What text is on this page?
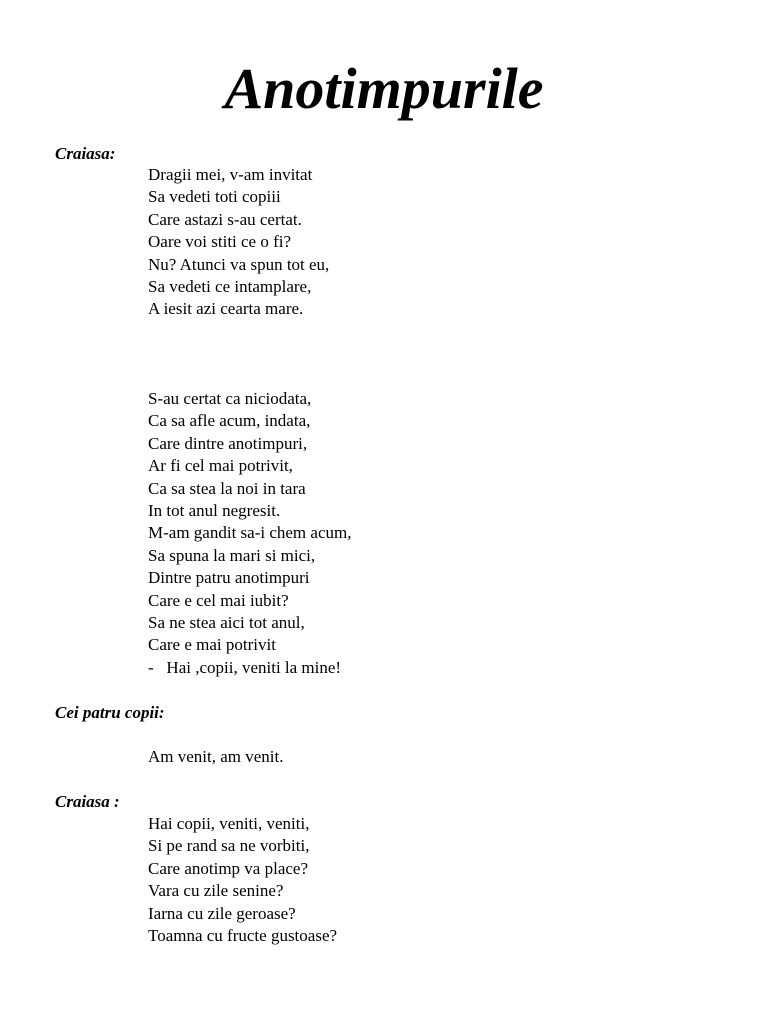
Anotimpurile

Craiasa:

Dragii mei, v-am invitat

Sa vedeti toti copiii

Care astazi s-au certat.

Oare voi stiti ce o fi?

Nu? Atunci va spun tot eu,

Sa vedeti ce intamplare,

A iesit azi cearta mare.

S-au certat ca niciodata,

Ca sa afle acum, indata,

Care dintre anotimpuri,

Ar fi cel mai potrivit,

Ca sa stea la noi in tara

In tot anul negresit.

M-am gandit sa-i chem acum,

Sa spuna la mari si mici,

Dintre patru anotimpuri

Care e cel mai iubit?

Sa ne stea aici tot anul,

Care e mai potrivit

-   Hai ,copii, veniti la mine!

Cei patru copii:

Am venit, am venit.

Craiasa :

Hai copii, veniti, veniti,

Si pe rand sa ne vorbiti,

Care anotimp va place?

Vara cu zile senine?

Iarna cu zile geroase?

Toamna cu fructe gustoase?
